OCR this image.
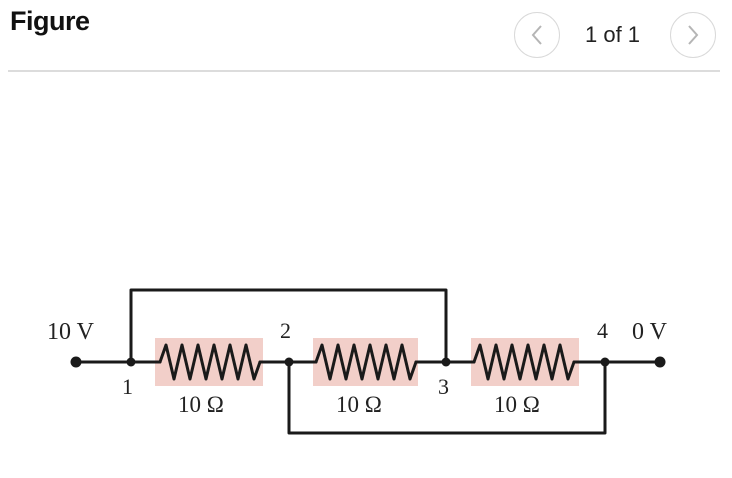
Figure	1 of 1
10 V	0 V
1
2
3
4
10 Ω	10 Ω	10 Ω
